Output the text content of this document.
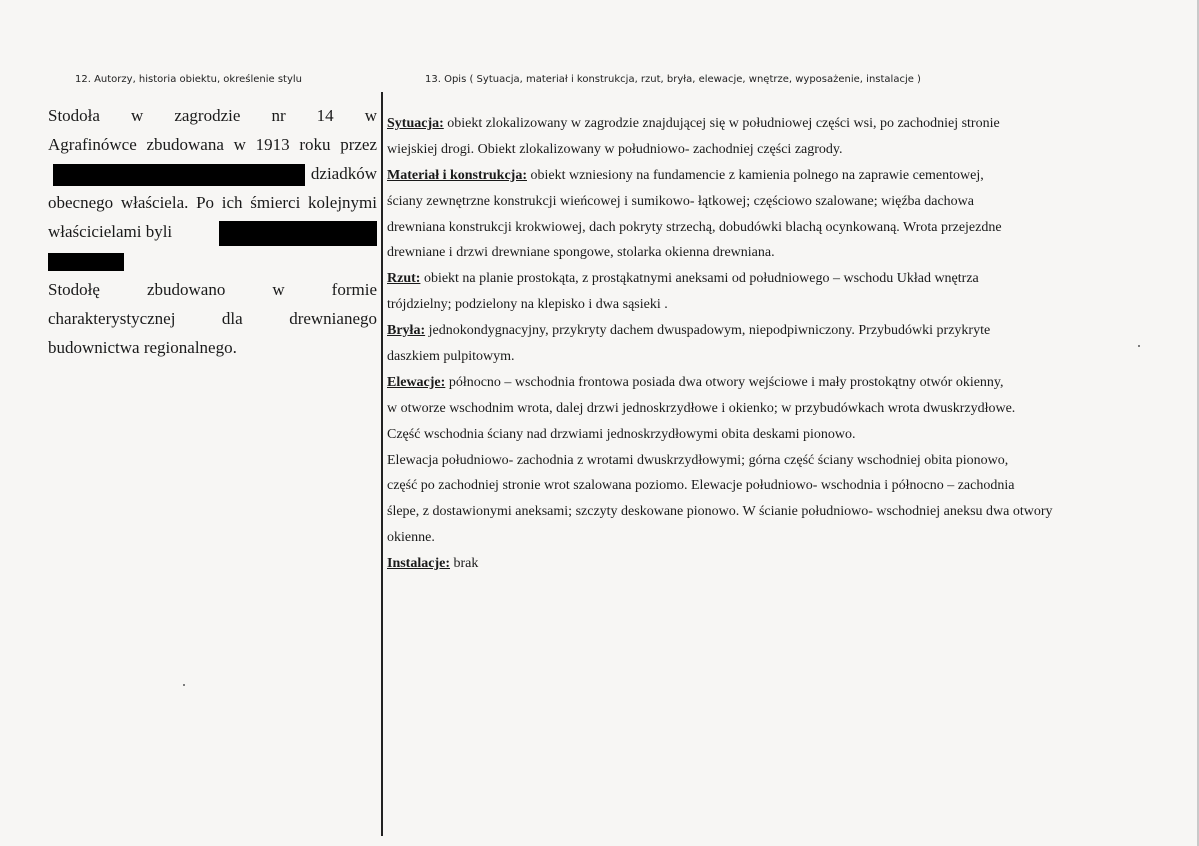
12. Autorzy, historia obiektu, określenie stylu	13. Opis ( Sytuacja, materiał i konstrukcja, rzut, bryła, elewacje, wnętrze, wyposażenie, instalacje )
Stodoła w zagrodzie nr 14 w
Agrafinówce zbudowana w 1913 roku przez
dziadków
obecnego właściela. Po ich śmierci kolejnymi
właścicielami byli
Stodołę zbudowano w formie
charakterystycznej dla drewnianego
budownictwa regionalnego.
Sytuacja: obiekt zlokalizowany w zagrodzie znajdującej się w południowej części wsi, po zachodniej stronie
wiejskiej drogi. Obiekt zlokalizowany w południowo- zachodniej części zagrody.
Materiał i konstrukcja: obiekt wzniesiony na fundamencie z kamienia polnego na zaprawie cementowej,
ściany zewnętrzne konstrukcji wieńcowej i sumikowo- łątkowej; częściowo szalowane; więźba dachowa
drewniana konstrukcji krokwiowej, dach pokryty strzechą, dobudówki blachą ocynkowaną. Wrota przejezdne
drewniane i drzwi drewniane spongowe, stolarka okienna drewniana.
Rzut: obiekt na planie prostokąta, z prostąkatnymi aneksami od południowego – wschodu Układ wnętrza
trójdzielny; podzielony na klepisko i dwa sąsieki .
Bryła: jednokondygnacyjny, przykryty dachem dwuspadowym, niepodpiwniczony. Przybudówki przykryte
daszkiem pulpitowym.
Elewacje: północno – wschodnia frontowa posiada dwa otwory wejściowe i mały prostokątny otwór okienny,
w otworze wschodnim wrota, dalej drzwi jednoskrzydłowe i okienko; w przybudówkach wrota dwuskrzydłowe.
Część wschodnia ściany nad drzwiami jednoskrzydłowymi obita deskami pionowo.
Elewacja południowo- zachodnia z wrotami dwuskrzydłowymi; górna część ściany wschodniej obita pionowo,
część po zachodniej stronie wrot szalowana poziomo. Elewacje południowo- wschodnia i północno – zachodnia
ślepe, z dostawionymi aneksami; szczyty deskowane pionowo. W ścianie południowo- wschodniej aneksu dwa otwory
okienne.
Instalacje: brak
